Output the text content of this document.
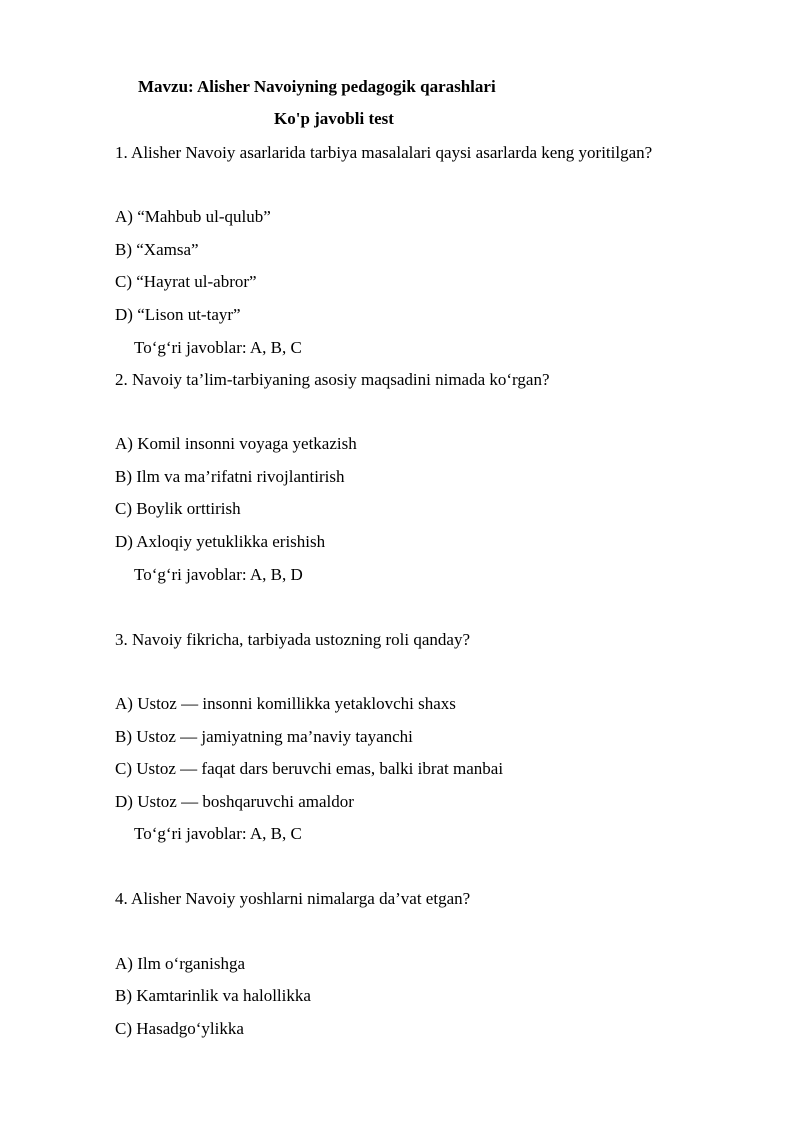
Mavzu: Alisher Navoiyning pedagogik qarashlari
Ko'p javobli test
1. Alisher Navoiy asarlarida tarbiya masalalari qaysi asarlarda keng yoritilgan?
A) “Mahbub ul-qulub”
B) “Xamsa”
C) “Hayrat ul-abror”
D) “Lison ut-tayr”
To‘g‘ri javoblar: A, B, C
2. Navoiy ta’lim-tarbiyaning asosiy maqsadini nimada ko‘rgan?
A) Komil insonni voyaga yetkazish
B) Ilm va ma’rifatni rivojlantirish
C) Boylik orttirish
D) Axloqiy yetuklikka erishish
To‘g‘ri javoblar: A, B, D
3. Navoiy fikricha, tarbiyada ustozning roli qanday?
A) Ustoz — insonni komillikka yetaklovchi shaxs
B) Ustoz — jamiyatning ma’naviy tayanchi
C) Ustoz — faqat dars beruvchi emas, balki ibrat manbai
D) Ustoz — boshqaruvchi amaldor
To‘g‘ri javoblar: A, B, C
4. Alisher Navoiy yoshlarni nimalarga da’vat etgan?
A) Ilm o‘rganishga
B) Kamtarinlik va halollikka
C) Hasadgo‘ylikka
